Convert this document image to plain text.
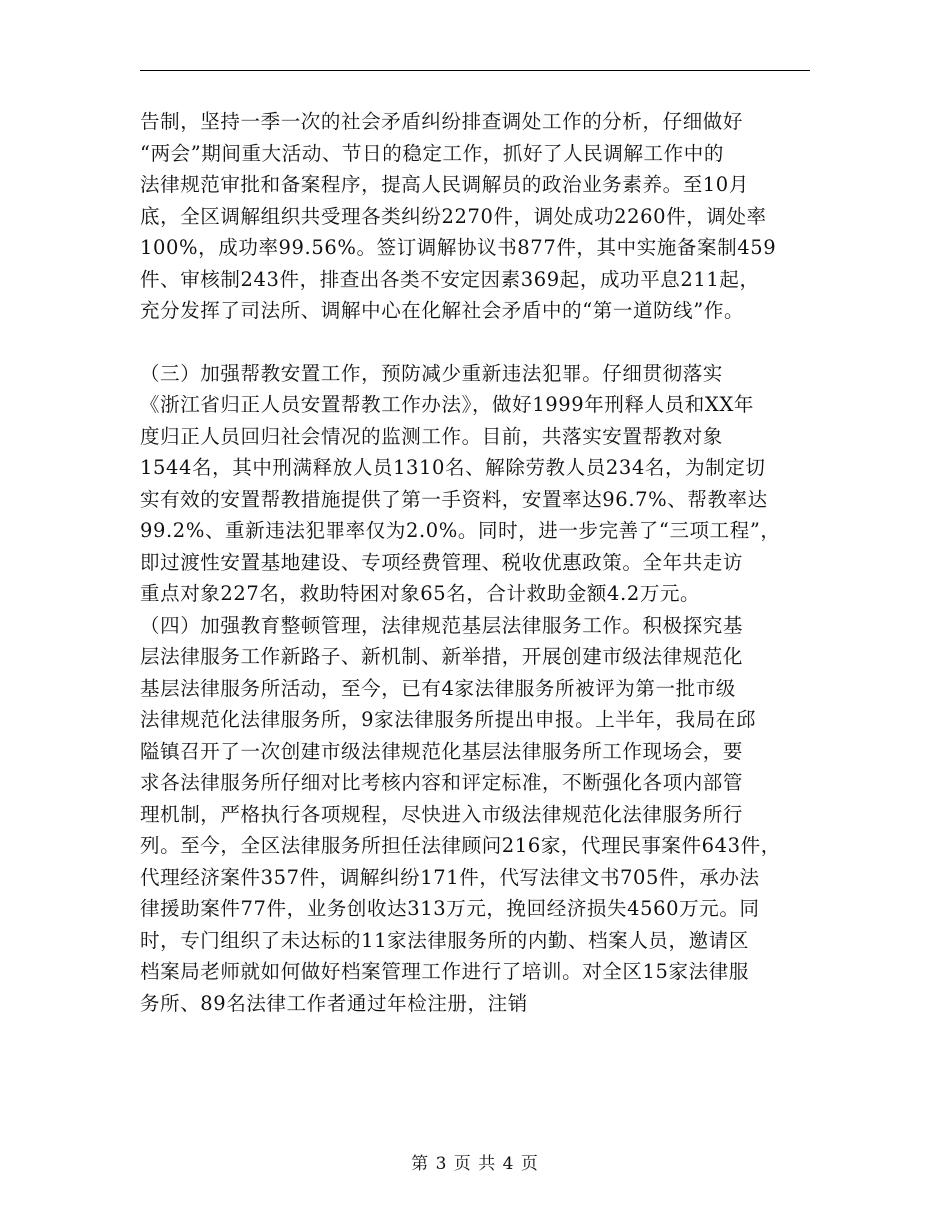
告制，坚持一季一次的社会矛盾纠纷排查调处工作的分析，仔细做好
“两会”期间重大活动、节日的稳定工作，抓好了人民调解工作中的
法律规范审批和备案程序，提高人民调解员的政治业务素养。至10月
底，全区调解组织共受理各类纠纷2270件，调处成功2260件，调处率
100%，成功率99.56%。签订调解协议书877件，其中实施备案制459
件、审核制243件，排查出各类不安定因素369起，成功平息211起，
充分发挥了司法所、调解中心在化解社会矛盾中的“第一道防线”作。
（三）加强帮教安置工作，预防减少重新违法犯罪。仔细贯彻落实
《浙江省归正人员安置帮教工作办法》，做好1999年刑释人员和XX年
度归正人员回归社会情况的监测工作。目前，共落实安置帮教对象
1544名，其中刑满释放人员1310名、解除劳教人员234名，为制定切
实有效的安置帮教措施提供了第一手资料，安置率达96.7%、帮教率达
99.2%、重新违法犯罪率仅为2.0%。同时，进一步完善了“三项工程”，
即过渡性安置基地建设、专项经费管理、税收优惠政策。全年共走访
重点对象227名，救助特困对象65名，合计救助金额4.2万元。
（四）加强教育整顿管理，法律规范基层法律服务工作。积极探究基
层法律服务工作新路子、新机制、新举措，开展创建市级法律规范化
基层法律服务所活动，至今，已有4家法律服务所被评为第一批市级
法律规范化法律服务所，9家法律服务所提出申报。上半年，我局在邱
隘镇召开了一次创建市级法律规范化基层法律服务所工作现场会，要
求各法律服务所仔细对比考核内容和评定标准，不断强化各项内部管
理机制，严格执行各项规程，尽快进入市级法律规范化法律服务所行
列。至今，全区法律服务所担任法律顾问216家，代理民事案件643件，
代理经济案件357件，调解纠纷171件，代写法律文书705件，承办法
律援助案件77件，业务创收达313万元，挽回经济损失4560万元。同
时，专门组织了未达标的11家法律服务所的内勤、档案人员，邀请区
档案局老师就如何做好档案管理工作进行了培训。对全区15家法律服
务所、89名法律工作者通过年检注册，注销
第 3 页 共 4 页
